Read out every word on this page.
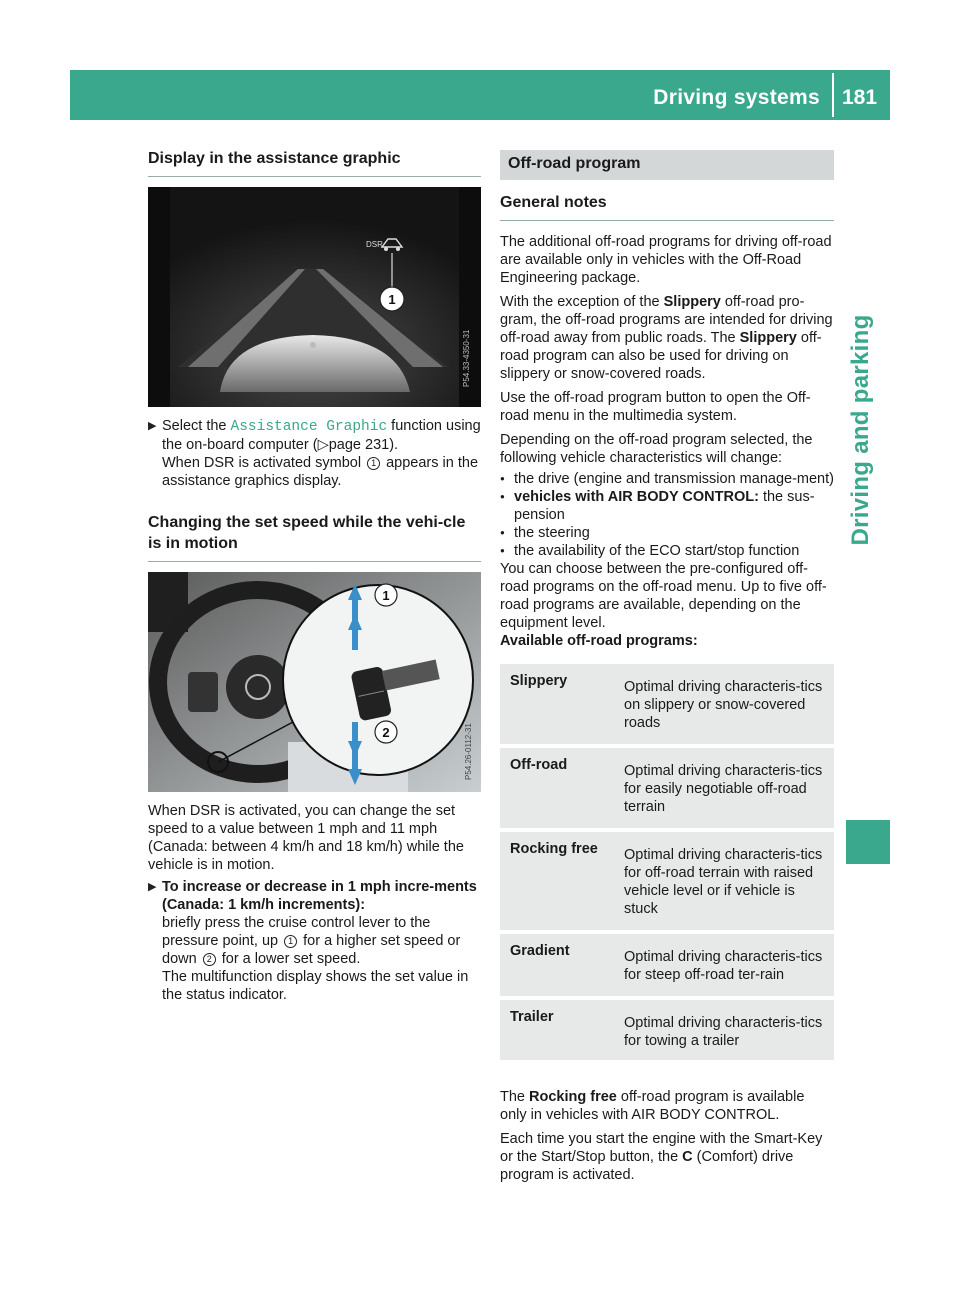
Driving systems 181
Driving and parking
Display in the assistance graphic
DSR
1
P54.33-4350-31
▶ Select the Assistance Graphic function using the on-board computer (▷page 231).
When DSR is activated symbol 1 appears in the assistance graphics display.

Changing the set speed while the vehi-cle is in motion
1
2	P54.26-0112-31

When DSR is activated, you can change the set speed to a value between 1 mph and 11 mph (Canada: between 4 km/h and 18 km/h) while the vehicle is in motion.

▶ To increase or decrease in 1 mph incre-ments (Canada: 1 km/h increments):

briefly press the cruise control lever to the pressure point, up 1 for a higher set speed or down 2 for a lower set speed.

The multifunction display shows the set value in the status indicator.

Off-road program
General notes

The additional off-road programs for driving off-road are available only in vehicles with the Off-Road Engineering package.

With the exception of the Slippery off-road pro-gram, the off-road programs are intended for driving off-road away from public roads. The Slippery off-road program can also be used for driving on slippery or snow-covered roads.

Use the off-road program button to open the Off-road menu in the multimedia system.

Depending on the off-road program selected, the following vehicle characteristics will change:

● the drive (engine and transmission manage-ment)
● vehicles with AIR BODY CONTROL: the sus-pension
● the steering
● the availability of the ECO start/stop function

You can choose between the pre-configured off-road programs on the off-road menu. Up to five off-road programs are available, depending on the equipment level.

Available off-road programs:

Slippery	Optimal driving characteris-tics on slippery or snow-covered roads
Off-road	Optimal driving characteris-tics for easily negotiable off-road terrain
Rocking free	Optimal driving characteris-tics for off-road terrain with raised vehicle level or if vehicle is stuck
Gradient	Optimal driving characteris-tics for steep off-road ter-rain
Trailer	Optimal driving characteris-tics for towing a trailer

The Rocking free off-road program is available only in vehicles with AIR BODY CONTROL.

Each time you start the engine with the Smart-Key or the Start/Stop button, the C (Comfort) drive program is activated.
